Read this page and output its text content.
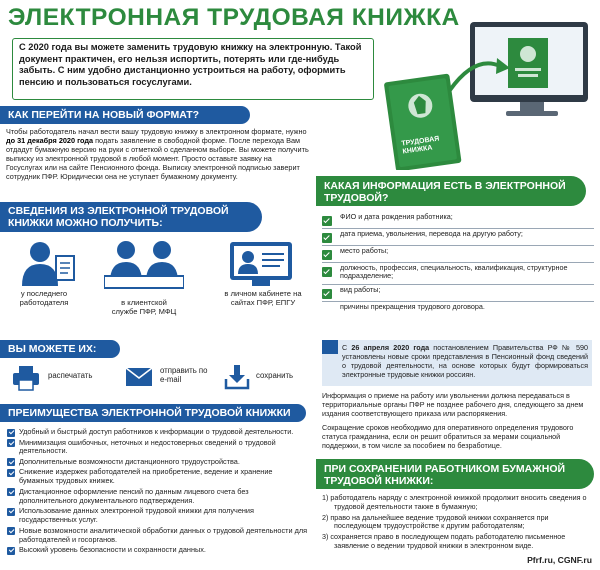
ЭЛЕКТРОННАЯ ТРУДОВАЯ КНИЖКА
С 2020 года вы можете заменить трудовую книжку на электронную. Такой документ практичен, его нельзя испортить, потерять или где-нибудь забыть. С ним удобно дистанционно устроиться на работу, оформить пенсию и пользоваться госуслугами.
ТРУДОВАЯ
КНИЖКА
КАК ПЕРЕЙТИ НА НОВЫЙ ФОРМАТ?
Чтобы работодатель начал вести вашу трудовую книжку в электронном формате, нужно до 31 декабря 2020 года подать заявление в свободной форме. После перехода Вам отдадут бумажную версию на руки с отметкой о сделанном выборе. Вы можете получить выписку из электронной трудовой в любой момент. Просто оставьте заявку на Госуслугах или на сайте Пенсионного фонда. Выписку электронной подписью заверит сотрудник ПФР. Юридически она не уступает бумажному документу.
СВЕДЕНИЯ ИЗ ЭЛЕКТРОННОЙ ТРУДОВОЙ КНИЖКИ МОЖНО ПОЛУЧИТЬ:
у последнего работодателя	в клиентской службе ПФР, МФЦ
в личном кабинете на сайтах ПФР, ЕПГУ
ВЫ МОЖЕТЕ ИХ:
распечатать
отправить по e-mail	сохранить
ПРЕИМУЩЕСТВА ЭЛЕКТРОННОЙ ТРУДОВОЙ КНИЖКИ
Удобный и быстрый доступ работников к информации о трудовой деятельности.
Минимизация ошибочных, неточных и недостоверных сведений о трудовой деятельности.
Дополнительные возможности дистанционного трудоустройства.
Снижение издержек работодателей на приобретение, ведение и хранение бумажных трудовых книжек.
Дистанционное оформление пенсий по данным лицевого счета без дополнительного документального подтверждения.
Использование данных электронной трудовой книжки для получения государственных услуг.
Новые возможности аналитической обработки данных о трудовой деятельности для работодателей и госорганов.
Высокий уровень безопасности и сохранности данных.
КАКАЯ ИНФОРМАЦИЯ ЕСТЬ В ЭЛЕКТРОННОЙ ТРУДОВОЙ?
ФИО и дата рождения работника;
дата приема, увольнения, перевода на другую работу;
место работы;
должность, профессия, специальность, квалификация, структурное подразделение;
вид работы;
причины прекращения трудового договора.
С 26 апреля 2020 года постановлением Правительства РФ № 590 установлены новые сроки представления в Пенсионный фонд сведений о трудовой деятельности, на основе которых будут формироваться электронные трудовые книжки россиян.
Информация о приеме на работу или увольнении должна передаваться в территориальные органы ПФР не позднее рабочего дня, следующего за днем издания соответствующего приказа или распоряжения.
Сокращение сроков необходимо для оперативного определения трудового статуса гражданина, если он решит обратиться за мерами социальной поддержки, в том числе за пособием по безработице.
ПРИ СОХРАНЕНИИ РАБОТНИКОМ БУМАЖНОЙ ТРУДОВОЙ КНИЖКИ:
1) работодатель наряду с электронной книжкой продолжит вносить сведения о трудовой деятельности также в бумажную;
2) право на дальнейшее ведение трудовой книжки сохраняется при последующем трудоустройстве к другим работодателям;
3) сохраняется право в последующем подать работодателю письменное заявление о ведении трудовой книжки в электронном виде.
Pfrf.ru, CGNF.ru
